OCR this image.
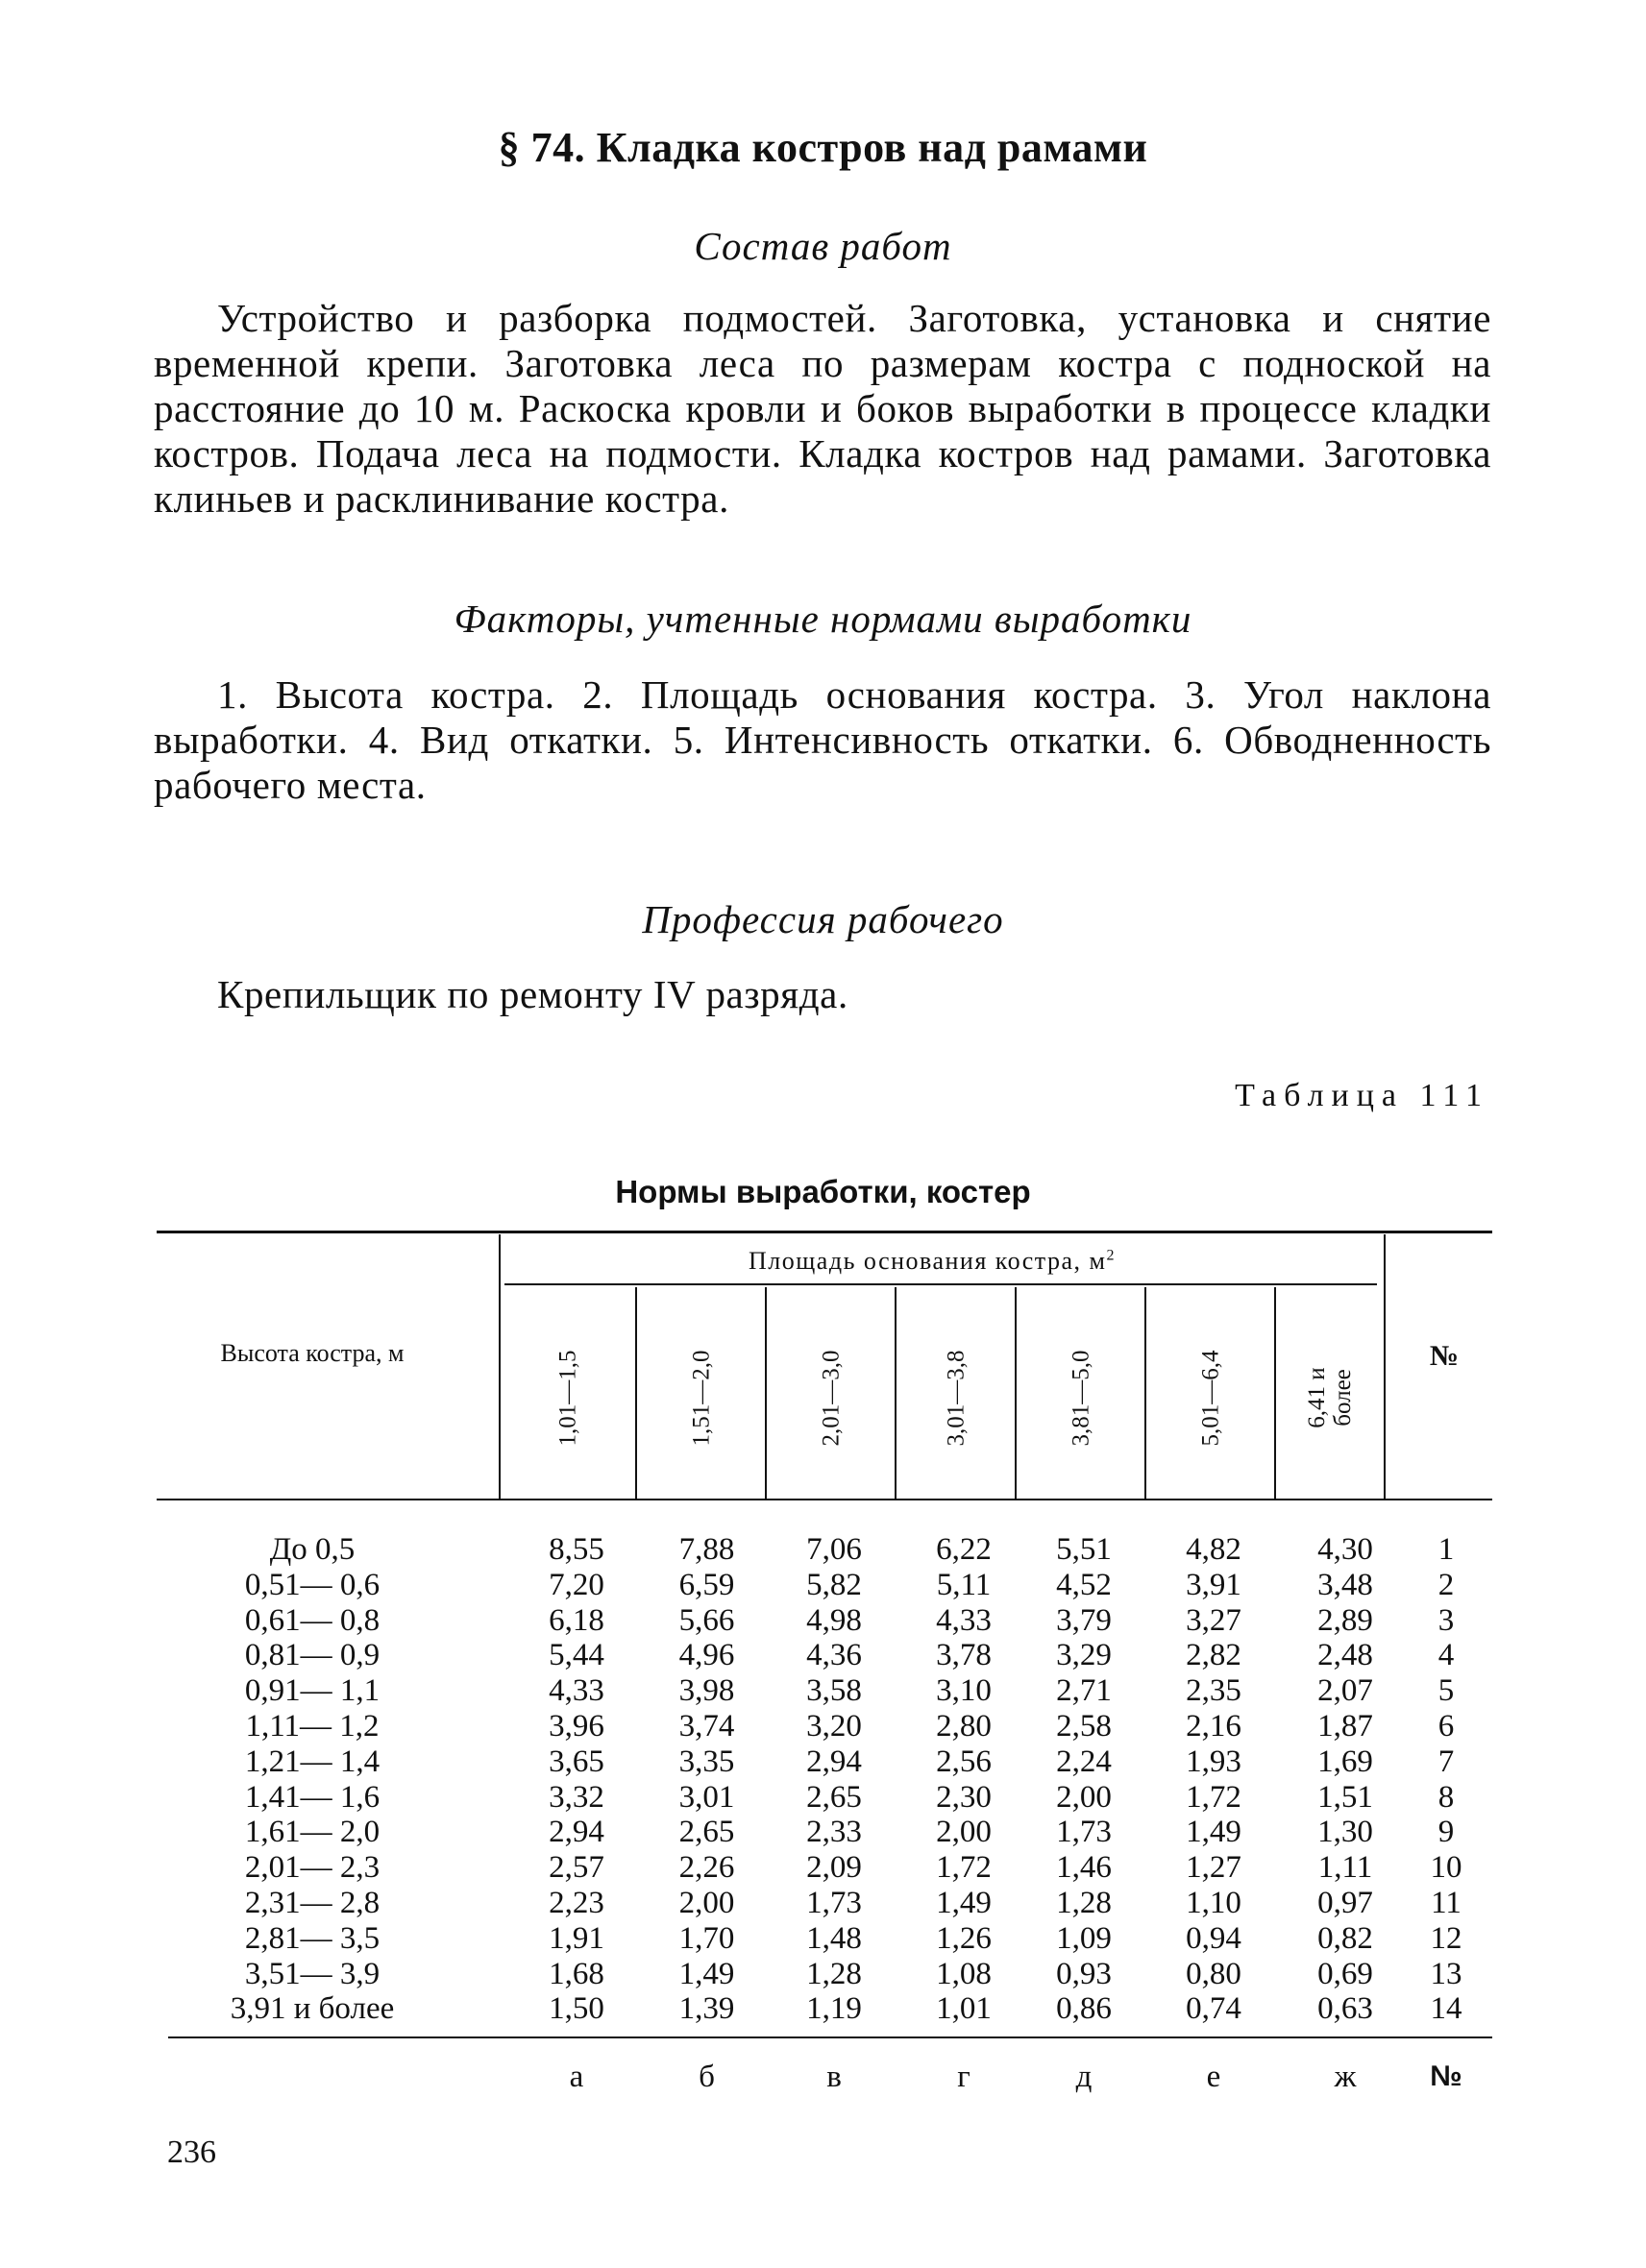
§ 74. Кладка костров над рамами
Состав работ
Устройство и разборка подмостей. Заготовка, установка и снятие временной крепи. Заготовка леса по размерам костра с подноской на расстояние до 10 м. Раскоска кровли и боков выработки в процессе кладки костров. Подача леса на подмости. Кладка костров над рамами. Заготовка клиньев и расклинивание костра.
Факторы, учтенные нормами выработки
1. Высота костра. 2. Площадь основания костра. 3. Угол наклона выработки. 4. Вид откатки. 5. Интенсивность откатки. 6. Обводненность рабочего места.
Профессия рабочего
Крепильщик по ремонту IV разряда.
Таблица 111
Нормы выработки, костер
Высота костра, м
Площадь основания костра, $м^2$
№
1,01—1,5	1,51—2,0	2,01—3,0	3,01—3,8	3,81—5,0	5,01—6,4	6,41 и более
До 0,5	8,55	7,88	7,06	6,22	5,51	4,82	4,30	1
0,51— 0,6	7,20	6,59	5,82	5,11	4,52	3,91	3,48	2
0,61— 0,8	6,18	5,66	4,98	4,33	3,79	3,27	2,89	3
0,81— 0,9	5,44	4,96	4,36	3,78	3,29	2,82	2,48	4
0,91— 1,1	4,33	3,98	3,58	3,10	2,71	2,35	2,07	5
1,11— 1,2	3,96	3,74	3,20	2,80	2,58	2,16	1,87	6
1,21— 1,4	3,65	3,35	2,94	2,56	2,24	1,93	1,69	7
1,41— 1,6	3,32	3,01	2,65	2,30	2,00	1,72	1,51	8
1,61— 2,0	2,94	2,65	2,33	2,00	1,73	1,49	1,30	9
2,01— 2,3	2,57	2,26	2,09	1,72	1,46	1,27	1,11	10
2,31— 2,8	2,23	2,00	1,73	1,49	1,28	1,10	0,97	11
2,81— 3,5	1,91	1,70	1,48	1,26	1,09	0,94	0,82	12
3,51— 3,9	1,68	1,49	1,28	1,08	0,93	0,80	0,69	13
3,91 и более	1,50	1,39	1,19	1,01	0,86	0,74	0,63	14
а	б	в	г	д	е	ж	№
236
